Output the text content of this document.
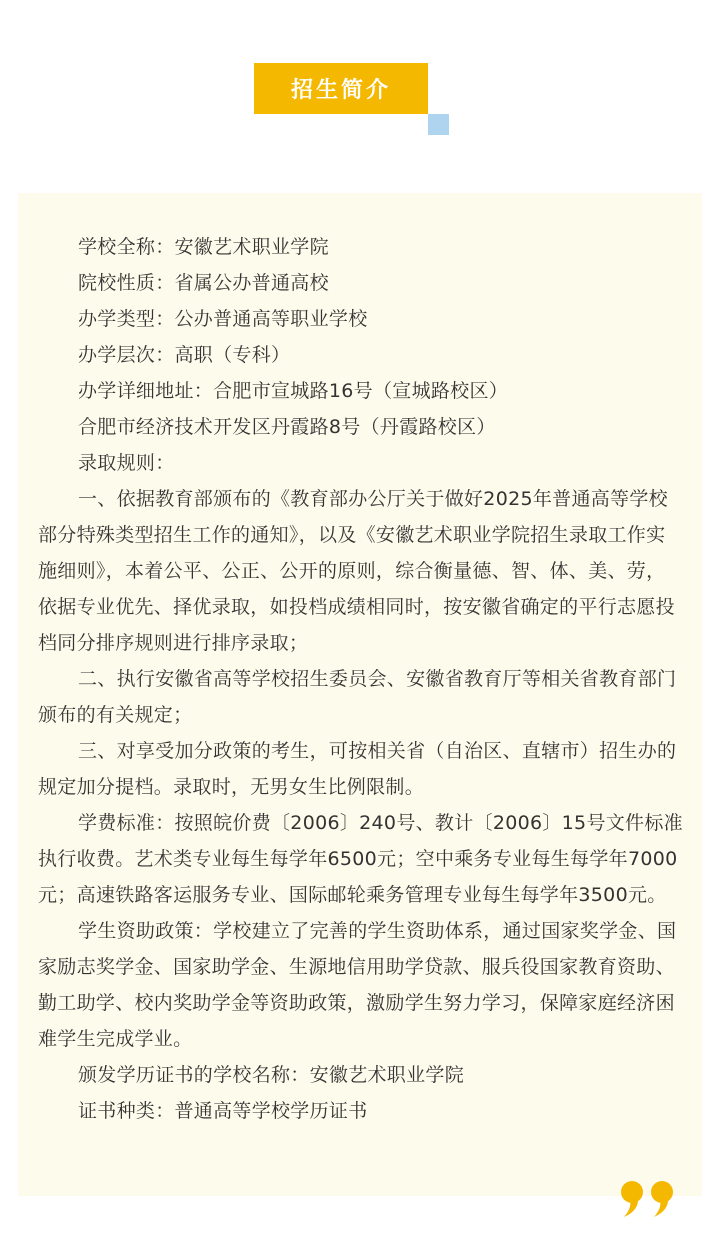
招生简介

学校全称：安徽艺术职业学院

院校性质：省属公办普通高校

办学类型：公办普通高等职业学校

办学层次：高职（专科）

办学详细地址：合肥市宣城路16号（宣城路校区）

合肥市经济技术开发区丹霞路8号（丹霞路校区）

录取规则：

一、依据教育部颁布的《教育部办公厅关于做好2025年普通高等学校部分特殊类型招生工作的通知》，以及《安徽艺术职业学院招生录取工作实施细则》，本着公平、公正、公开的原则，综合衡量德、智、体、美、劳，依据专业优先、择优录取，如投档成绩相同时，按安徽省确定的平行志愿投档同分排序规则进行排序录取；

二、执行安徽省高等学校招生委员会、安徽省教育厅等相关省教育部门颁布的有关规定；

三、对享受加分政策的考生，可按相关省（自治区、直辖市）招生办的规定加分提档。录取时，无男女生比例限制。

学费标准：按照皖价费〔2006〕240号、教计〔2006〕15号文件标准执行收费。艺术类专业每生每学年6500元；空中乘务专业每生每学年7000元；高速铁路客运服务专业、国际邮轮乘务管理专业每生每学年3500元。

学生资助政策：学校建立了完善的学生资助体系，通过国家奖学金、国家励志奖学金、国家助学金、生源地信用助学贷款、服兵役国家教育资助、勤工助学、校内奖助学金等资助政策，激励学生努力学习，保障家庭经济困难学生完成学业。

颁发学历证书的学校名称：安徽艺术职业学院

证书种类：普通高等学校学历证书
